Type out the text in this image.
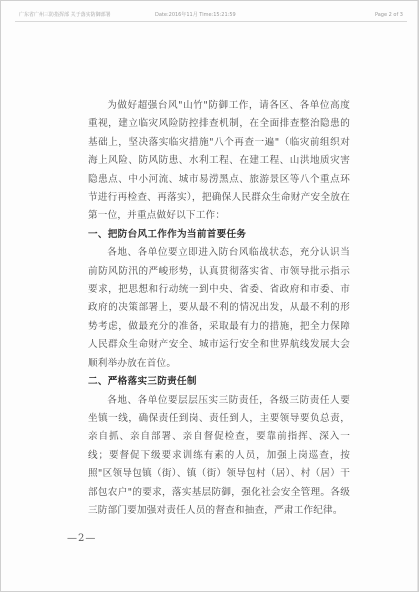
广东省广州三防指挥部 关于落实防御部署	Date:2016年11月 Time:15:21:59	Page 2 of 3

为做好超强台风"山竹"防御工作，请各区、各单位高度重视，建立临灾风险防控排查机制，在全面排查整治隐患的基础上，坚决落实临灾措施"八个再查一遍"（临灾前组织对海上风险、防风防患、水利工程、在建工程、山洪地质灾害隐患点、中小河流、城市易涝黑点、旅游景区等八个重点环节进行再检查、再落实），把确保人民群众生命财产安全放在第一位，并重点做好以下工作：

一、把防台风工作作为当前首要任务

各地、各单位要立即进入防台风临战状态，充分认识当前防风防汛的严峻形势，认真贯彻落实省、市领导批示指示要求，把思想和行动统一到中央、省委、省政府和市委、市政府的决策部署上，要从最不利的情况出发，从最不利的形势考虑，做最充分的准备，采取最有力的措施，把全力保障人民群众生命财产安全、城市运行安全和世界航线发展大会顺利举办放在首位。

二、严格落实三防责任制

各地、各单位要层层压实三防责任，各级三防责任人要坐镇一线，确保责任到岗、责任到人，主要领导要负总责，亲自抓、亲自部署、亲自督促检查，要靠前指挥、深入一线；要督促下级要求训练有素的人员，加强上岗巡查，按照"区领导包镇（街）、镇（街）领导包村（居）、村（居）干部包农户"的要求，落实基层防御，强化社会安全管理。各级三防部门要加强对责任人员的督查和抽查，严肃工作纪律。

—2—
